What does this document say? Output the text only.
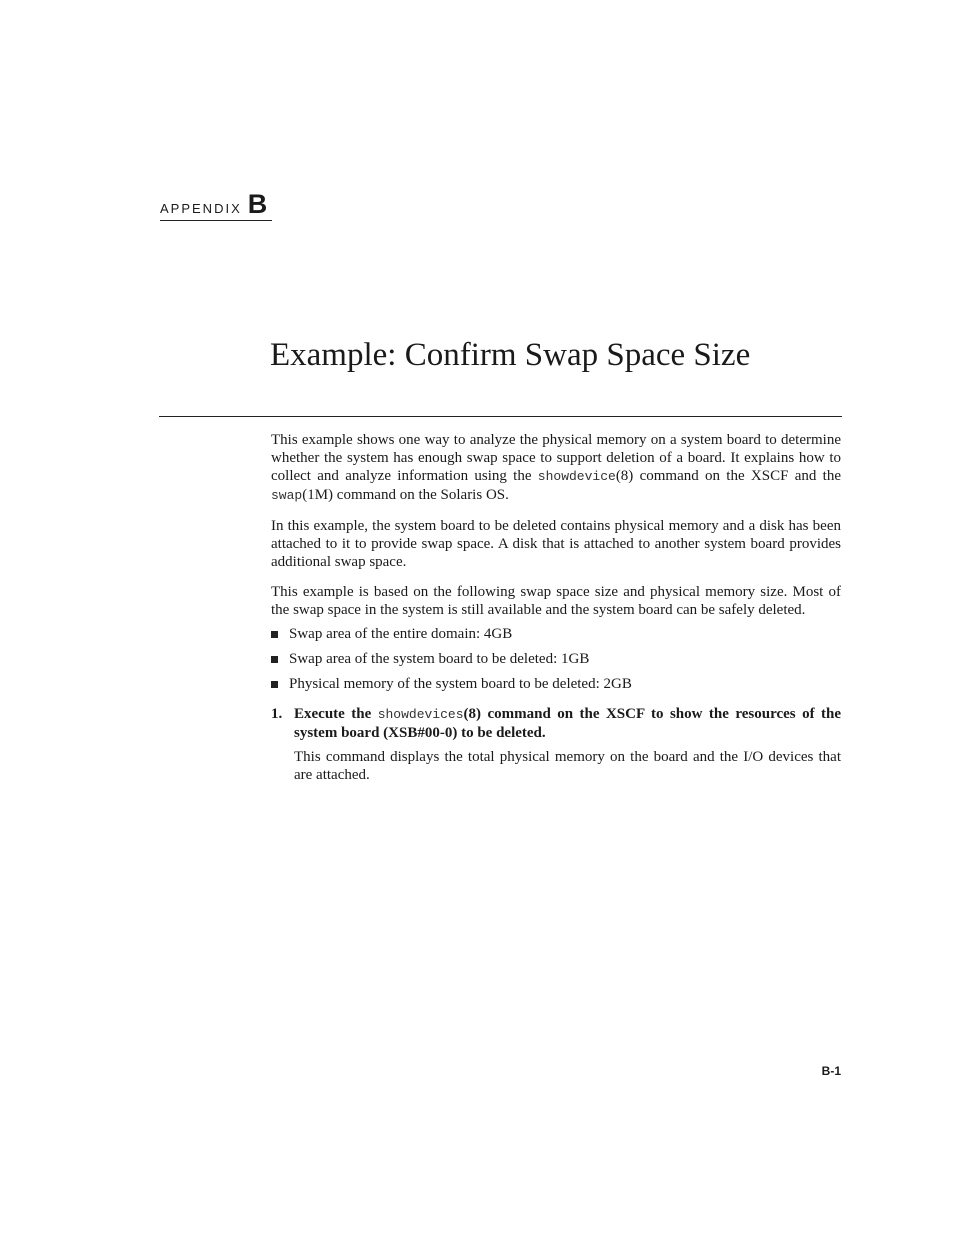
APPENDIX B
Example: Confirm Swap Space Size

This example shows one way to analyze the physical memory on a system board to determine whether the system has enough swap space to support deletion of a board. It explains how to collect and analyze information using the showdevice(8) command on the XSCF and the swap(1M) command on the Solaris OS.

In this example, the system board to be deleted contains physical memory and a disk has been attached to it to provide swap space. A disk that is attached to another system board provides additional swap space.

This example is based on the following swap space size and physical memory size. Most of the swap space in the system is still available and the system board can be safely deleted.

Swap area of the entire domain: 4GB
Swap area of the system board to be deleted: 1GB
Physical memory of the system board to be deleted: 2GB
1. Execute the showdevices(8) command on the XSCF to show the resources of the system board (XSB#00-0) to be deleted.
This command displays the total physical memory on the board and the I/O devices that are attached.
B-1
